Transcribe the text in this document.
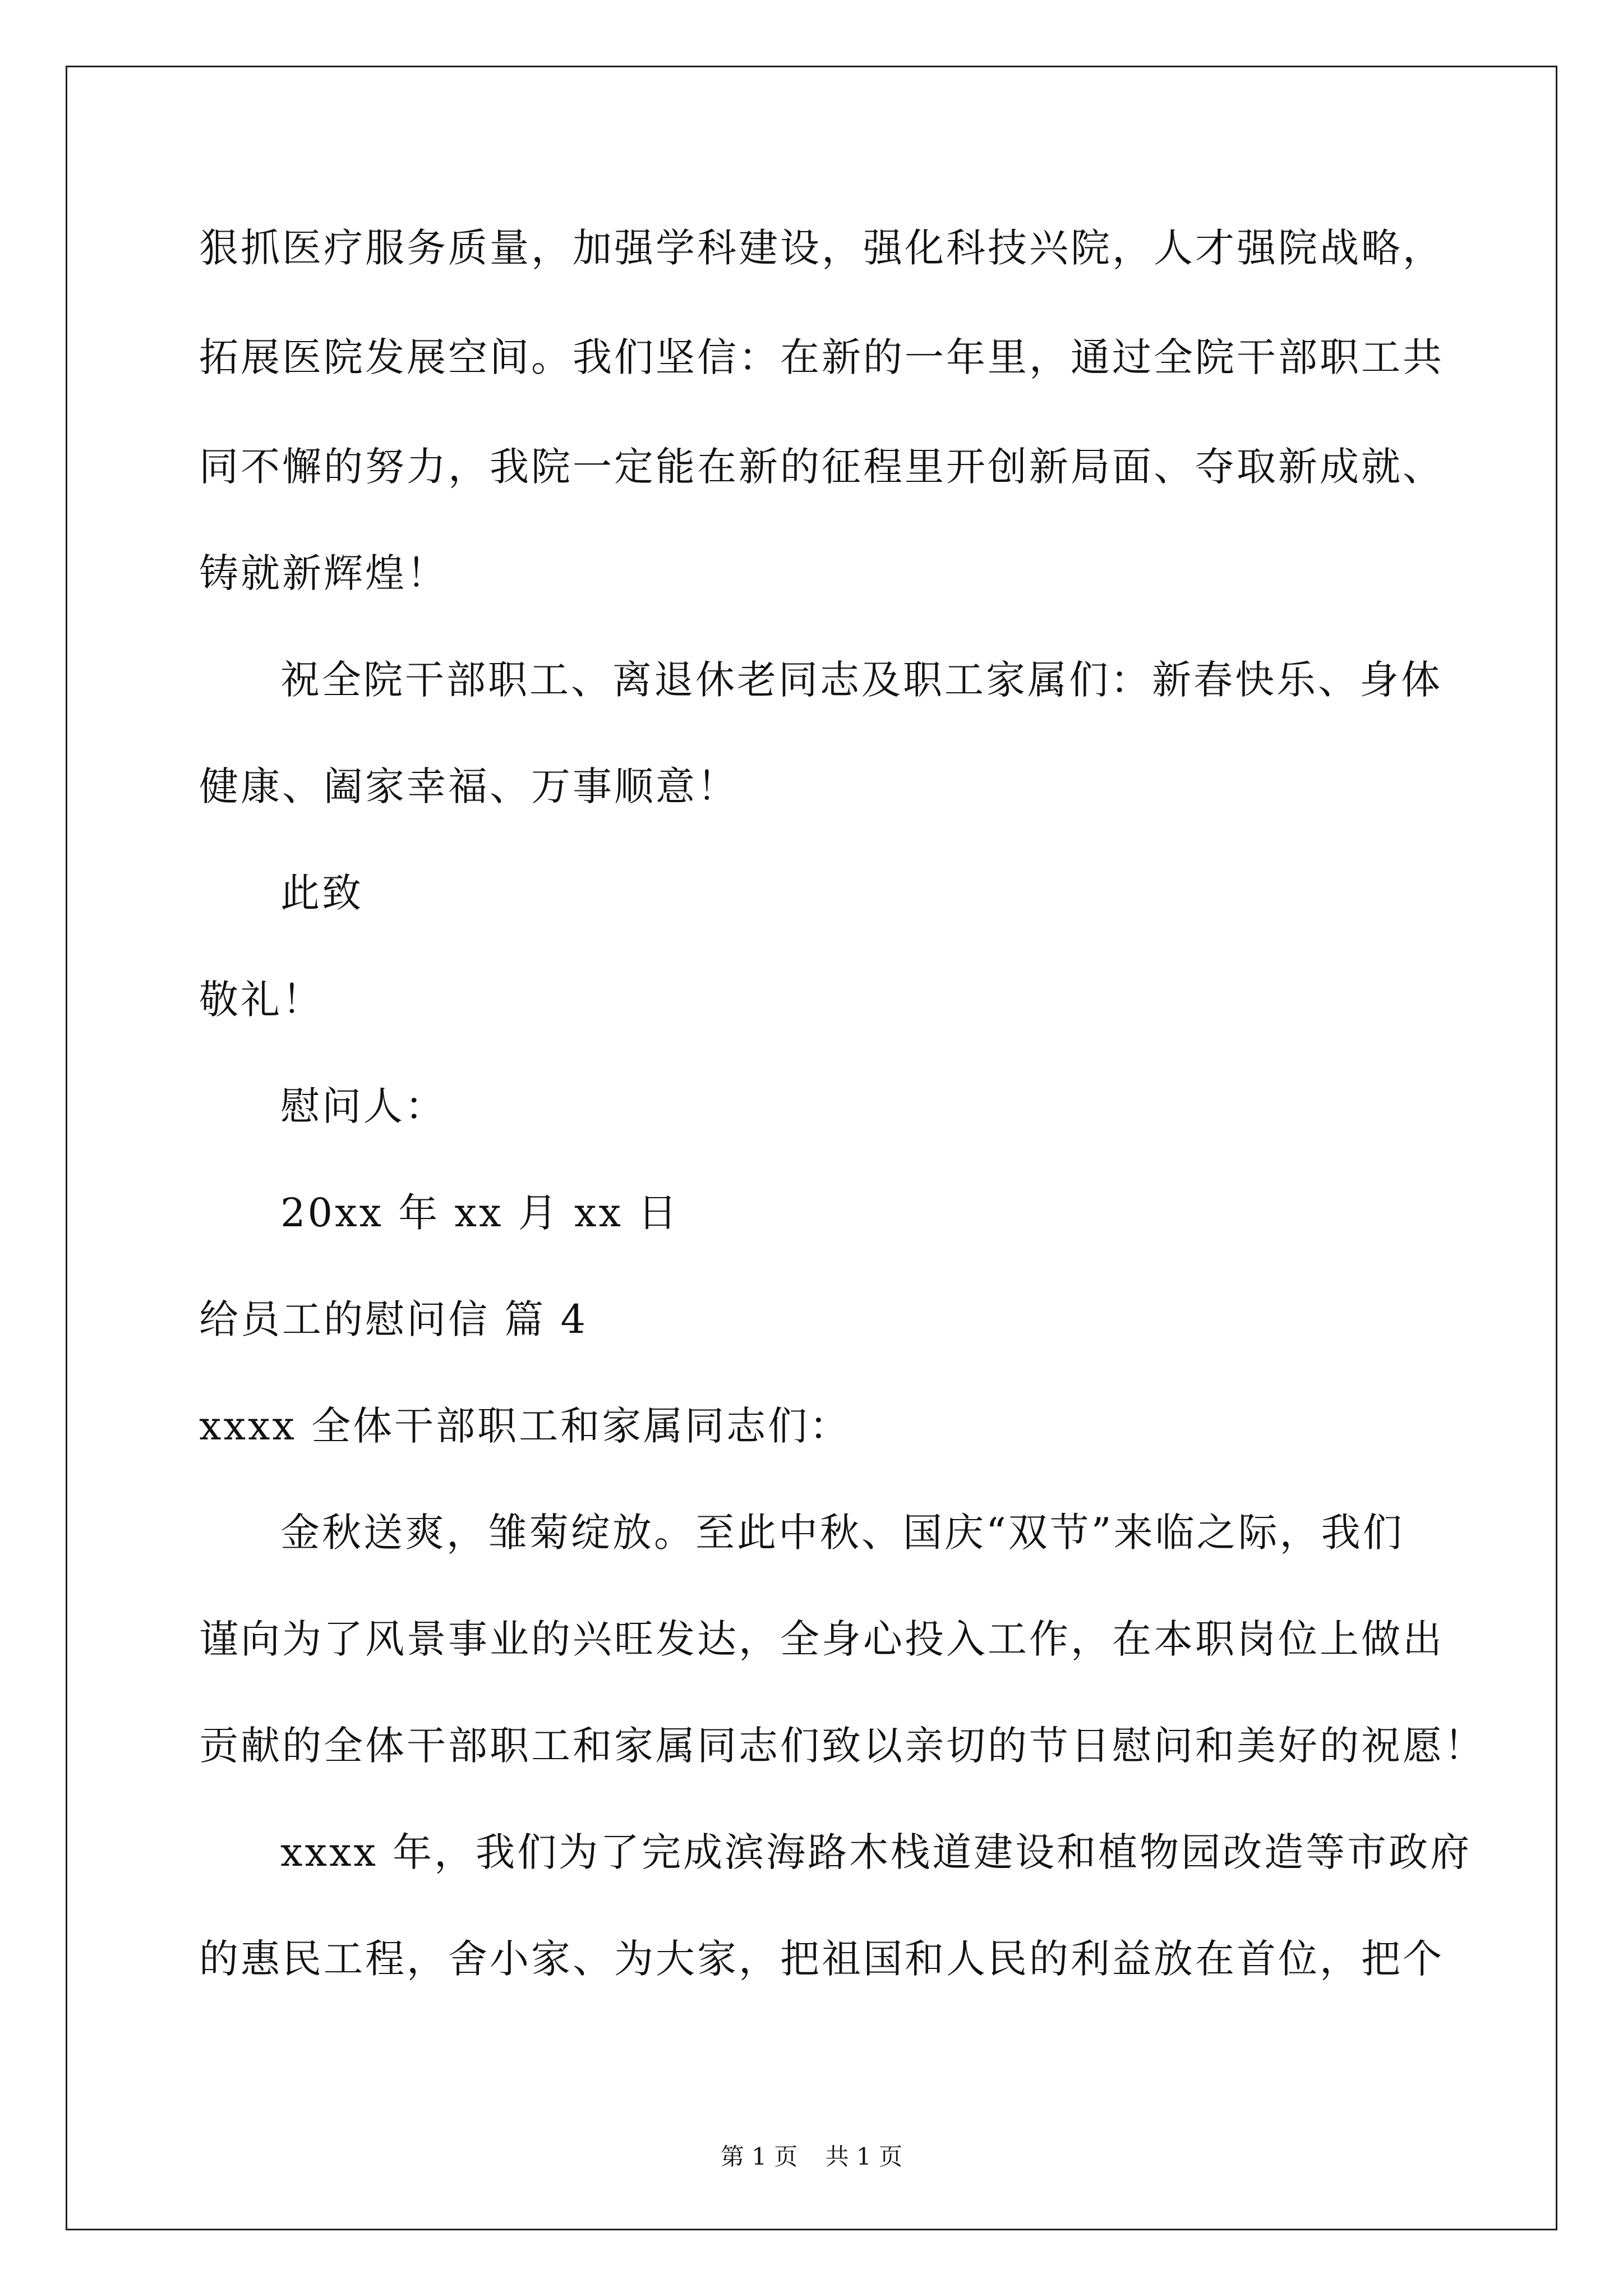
狠抓医疗服务质量，加强学科建设，强化科技兴院，人才强院战略，
拓展医院发展空间。我们坚信：在新的一年里，通过全院干部职工共
同不懈的努力，我院一定能在新的征程里开创新局面、夺取新成就、
铸就新辉煌！
祝全院干部职工、离退休老同志及职工家属们：新春快乐、身体
健康、阖家幸福、万事顺意！
此致
敬礼！
慰问人：
20xx 年 xx 月 xx 日
给员工的慰问信 篇 4
xxxx 全体干部职工和家属同志们：
金秋送爽，雏菊绽放。至此中秋、国庆“双节”来临之际，我们
谨向为了风景事业的兴旺发达，全身心投入工作，在本职岗位上做出
贡献的全体干部职工和家属同志们致以亲切的节日慰问和美好的祝愿！
xxxx 年，我们为了完成滨海路木栈道建设和植物园改造等市政府
的惠民工程，舍小家、为大家，把祖国和人民的利益放在首位，把个
第 1 页 共 1 页
